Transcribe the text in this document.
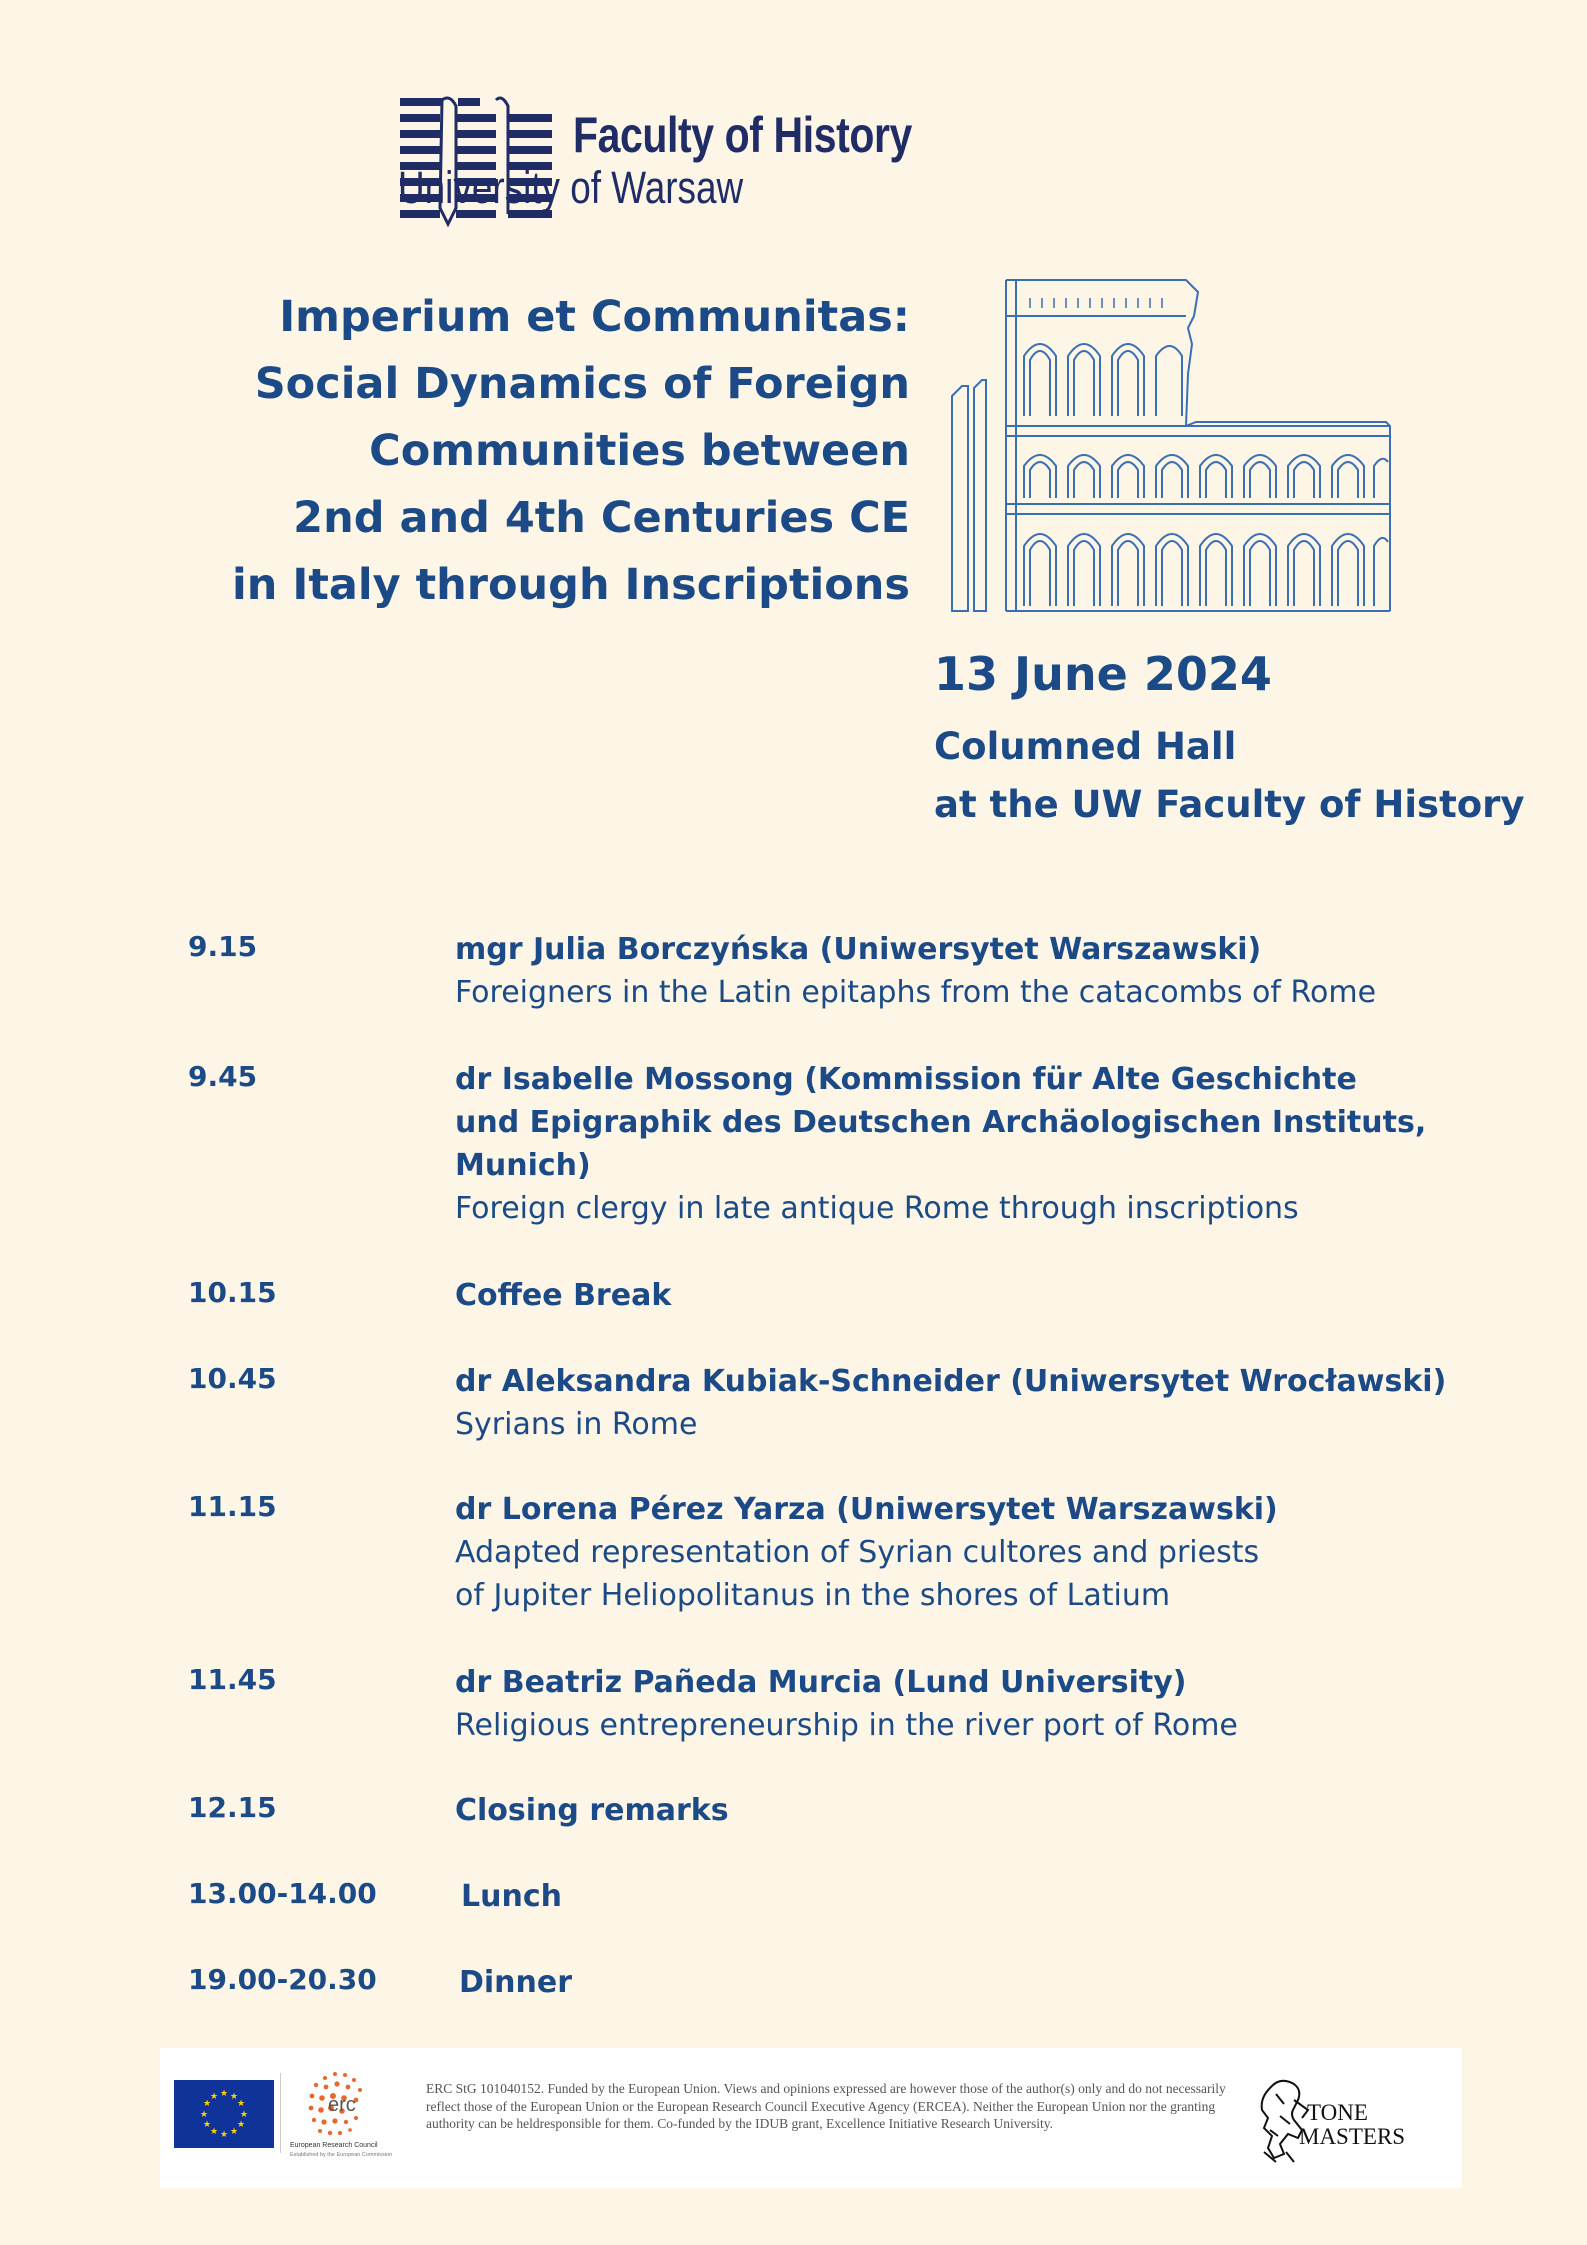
Faculty of History
University of Warsaw
Imperium et Communitas:
Social Dynamics of Foreign
Communities between
2nd and 4th Centuries CE
in Italy through Inscriptions
13 June 2024
Columned Hall
at the UW Faculty of History
9.15	mgr Julia Borczyńska (Uniwersytet Warszawski)
Foreigners in the Latin epitaphs from the catacombs of Rome
9.45	dr Isabelle Mossong (Kommission für Alte Geschichte
und Epigraphik des Deutschen Archäologischen Instituts,
Munich)
Foreign clergy in late antique Rome through inscriptions
10.15	Coffee Break
10.45	dr Aleksandra Kubiak-Schneider (Uniwersytet Wrocławski)
Syrians in Rome
11.15	dr Lorena Pérez Yarza (Uniwersytet Warszawski)
Adapted representation of Syrian cultores and priests
of Jupiter Heliopolitanus in the shores of Latium
11.45	dr Beatriz Pañeda Murcia (Lund University)
Religious entrepreneurship in the river port of Rome
12.15	Closing remarks
13.00-14.00	Lunch
19.00-20.30	Dinner
★ ★
★
★
★
★
★
★
★
★
★
★	erc
European Research Council
Established by the European Commission
ERC StG 101040152. Funded by the European Union. Views and opinions expressed are however those of the author(s) only and do not necessarily reflect those of the European Union or the European Research Council Executive Agency (ERCEA). Neither the European Union nor the granting authority can be heldresponsible for them. Co-funded by the IDUB grant, Excellence Initiative Research University.	TONE
MASTERS
